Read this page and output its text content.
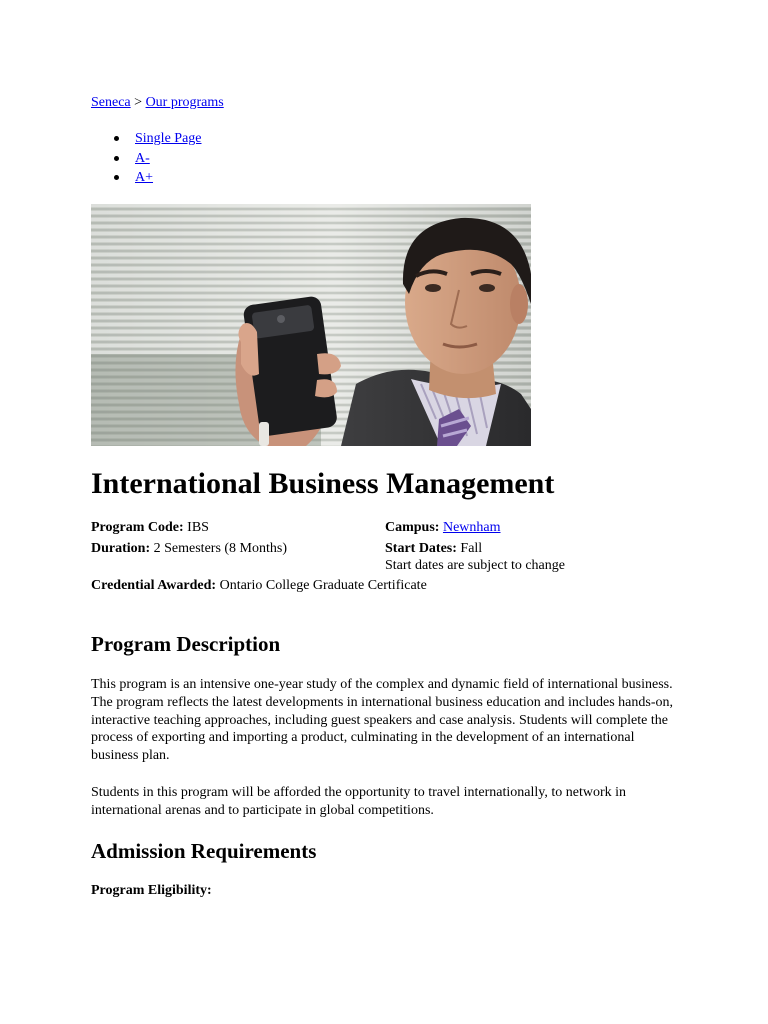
Seneca > Our programs
Single Page
A-
A+
International Business Management
Program Code: IBS	Campus: Newnham
Duration: 2 Semesters (8 Months)	Start Dates: Fall
Start dates are subject to change
Credential Awarded: Ontario College Graduate Certificate
Program Description

This program is an intensive one-year study of the complex and dynamic field of international business. The program reflects the latest developments in international business education and includes hands-on, interactive teaching approaches, including guest speakers and case analysis. Students will complete the process of exporting and importing a product, culminating in the development of an international business plan.

Students in this program will be afforded the opportunity to travel internationally, to network in international arenas and to participate in global competitions.

Admission Requirements
Program Eligibility:
